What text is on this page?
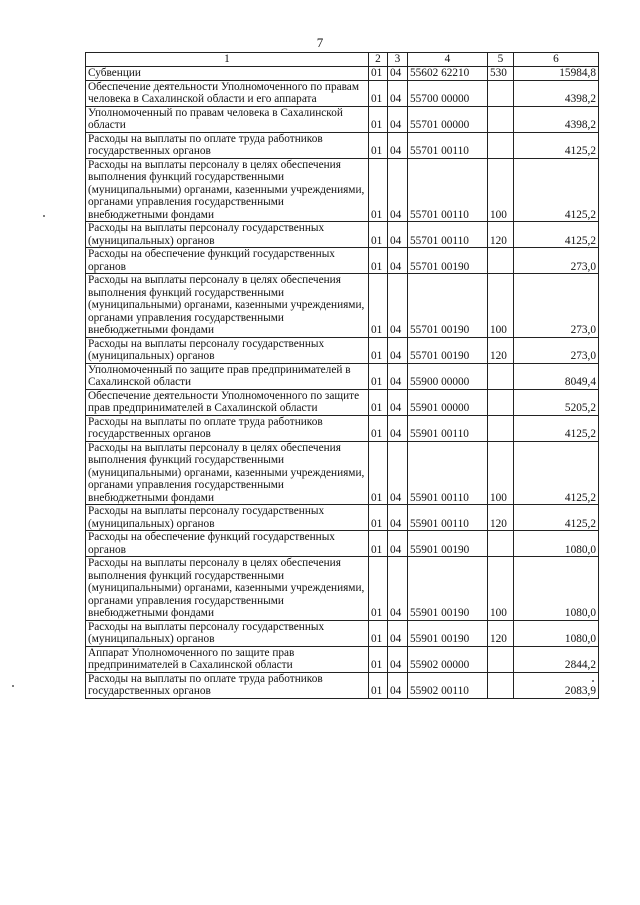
7
1	2	3	4	5	6
Субвенции	01	04	55602 62210	530	15984,8
Обеспечение деятельности Уполномоченного по правам человека в Сахалинской области и его аппарата	01	04	55700 00000		4398,2
Уполномоченный по правам человека в Сахалинской области	01	04	55701 00000		4398,2
Расходы на выплаты по оплате труда работников государственных органов	01	04	55701 00110		4125,2
Расходы на выплаты персоналу в целях обеспечения выполнения функций государственными (муниципальными) органами, казенными учреждениями, органами управления государственными внебюджетными фондами	01	04	55701 00110	100	4125,2
Расходы на выплаты персоналу государственных (муниципальных) органов	01	04	55701 00110	120	4125,2
Расходы на обеспечение функций государственных органов	01	04	55701 00190		273,0
Расходы на выплаты персоналу в целях обеспечения выполнения функций государственными (муниципальными) органами, казенными учреждениями, органами управления государственными внебюджетными фондами	01	04	55701 00190	100	273,0
Расходы на выплаты персоналу государственных (муниципальных) органов	01	04	55701 00190	120	273,0
Уполномоченный по защите прав предпринимателей в Сахалинской области	01	04	55900 00000		8049,4
Обеспечение деятельности Уполномоченного по защите прав предпринимателей в Сахалинской области	01	04	55901 00000		5205,2
Расходы на выплаты по оплате труда работников государственных органов	01	04	55901 00110		4125,2
Расходы на выплаты персоналу в целях обеспечения выполнения функций государственными (муниципальными) органами, казенными учреждениями, органами управления государственными внебюджетными фондами	01	04	55901 00110	100	4125,2
Расходы на выплаты персоналу государственных (муниципальных) органов	01	04	55901 00110	120	4125,2
Расходы на обеспечение функций государственных органов	01	04	55901 00190		1080,0
Расходы на выплаты персоналу в целях обеспечения выполнения функций государственными (муниципальными) органами, казенными учреждениями, органами управления государственными внебюджетными фондами	01	04	55901 00190	100	1080,0
Расходы на выплаты персоналу государственных (муниципальных) органов	01	04	55901 00190	120	1080,0
Аппарат Уполномоченного по защите прав предпринимателей в Сахалинской области	01	04	55902 00000		2844,2
Расходы на выплаты по оплате труда работников государственных органов	01	04	55902 00110		2083,9
